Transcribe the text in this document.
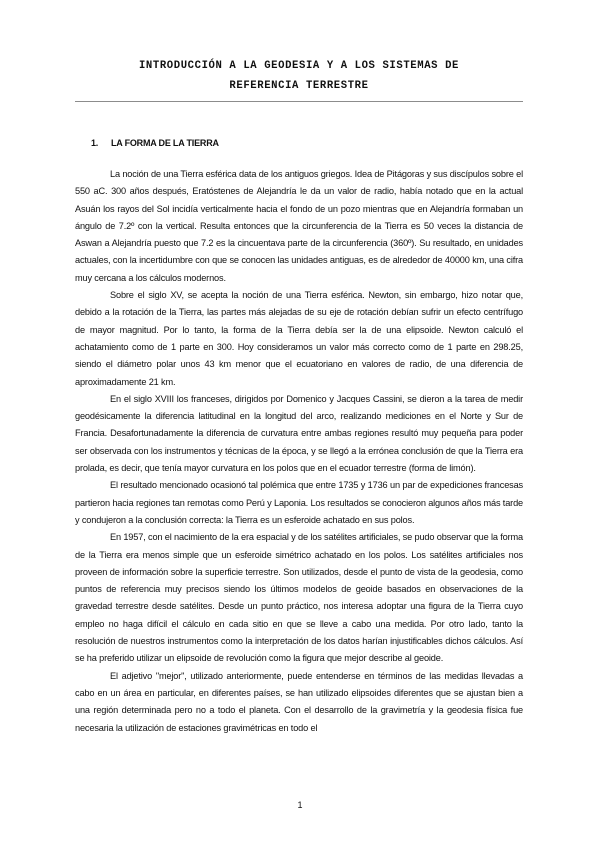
INTRODUCCIÓN A LA GEODESIA Y A LOS SISTEMAS DE
REFERENCIA TERRESTRE
1. LA FORMA DE LA TIERRA

La noción de una Tierra esférica data de los antiguos griegos. Idea de Pitágoras y sus discípulos sobre el 550 aC. 300 años después, Eratóstenes de Alejandría le da un valor de radio, había notado que en la actual Asuán los rayos del Sol incidía verticalmente hacia el fondo de un pozo mientras que en Alejandría formaban un ángulo de 7.2º con la vertical. Resulta entonces que la circunferencia de la Tierra es 50 veces la distancia de Aswan a Alejandría puesto que 7.2 es la cincuentava parte de la circunferencia (360º). Su resultado, en unidades actuales, con la incertidumbre con que se conocen las unidades antiguas, es de alrededor de 40000 km, una cifra muy cercana a los cálculos modernos.

Sobre el siglo XV, se acepta la noción de una Tierra esférica. Newton, sin embargo, hizo notar que, debido a la rotación de la Tierra, las partes más alejadas de su eje de rotación debían sufrir un efecto centrífugo de mayor magnitud. Por lo tanto, la forma de la Tierra debía ser la de una elipsoide. Newton calculó el achatamiento como de 1 parte en 300. Hoy consideramos un valor más correcto como de 1 parte en 298.25, siendo el diámetro polar unos 43 km menor que el ecuatoriano en valores de radio, de una diferencia de aproximadamente 21 km.

En el siglo XVIII los franceses, dirigidos por Domenico y Jacques Cassini, se dieron a la tarea de medir geodésicamente la diferencia latitudinal en la longitud del arco, realizando mediciones en el Norte y Sur de Francia. Desafortunadamente la diferencia de curvatura entre ambas regiones resultó muy pequeña para poder ser observada con los instrumentos y técnicas de la época, y se llegó a la errónea conclusión de que la Tierra era prolada, es decir, que tenía mayor curvatura en los polos que en el ecuador terrestre (forma de limón).

El resultado mencionado ocasionó tal polémica que entre 1735 y 1736 un par de expediciones francesas partieron hacia regiones tan remotas como Perú y Laponia. Los resultados se conocieron algunos años más tarde y condujeron a la conclusión correcta: la Tierra es un esferoide achatado en sus polos.

En 1957, con el nacimiento de la era espacial y de los satélites artificiales, se pudo observar que la forma de la Tierra era menos simple que un esferoide simétrico achatado en los polos. Los satélites artificiales nos proveen de información sobre la superficie terrestre. Son utilizados, desde el punto de vista de la geodesia, como puntos de referencia muy precisos siendo los últimos modelos de geoide basados en observaciones de la gravedad terrestre desde satélites. Desde un punto práctico, nos interesa adoptar una figura de la Tierra cuyo empleo no haga difícil el cálculo en cada sitio en que se lleve a cabo una medida. Por otro lado, tanto la resolución de nuestros instrumentos como la interpretación de los datos harían injustificables dichos cálculos. Así se ha preferido utilizar un elipsoide de revolución como la figura que mejor describe al geoide.

El adjetivo "mejor", utilizado anteriormente, puede entenderse en términos de las medidas llevadas a cabo en un área en particular, en diferentes países, se han utilizado elipsoides diferentes que se ajustan bien a una región determinada pero no a todo el planeta. Con el desarrollo de la gravimetría y la geodesia física fue necesaria la utilización de estaciones gravimétricas en todo el

1
